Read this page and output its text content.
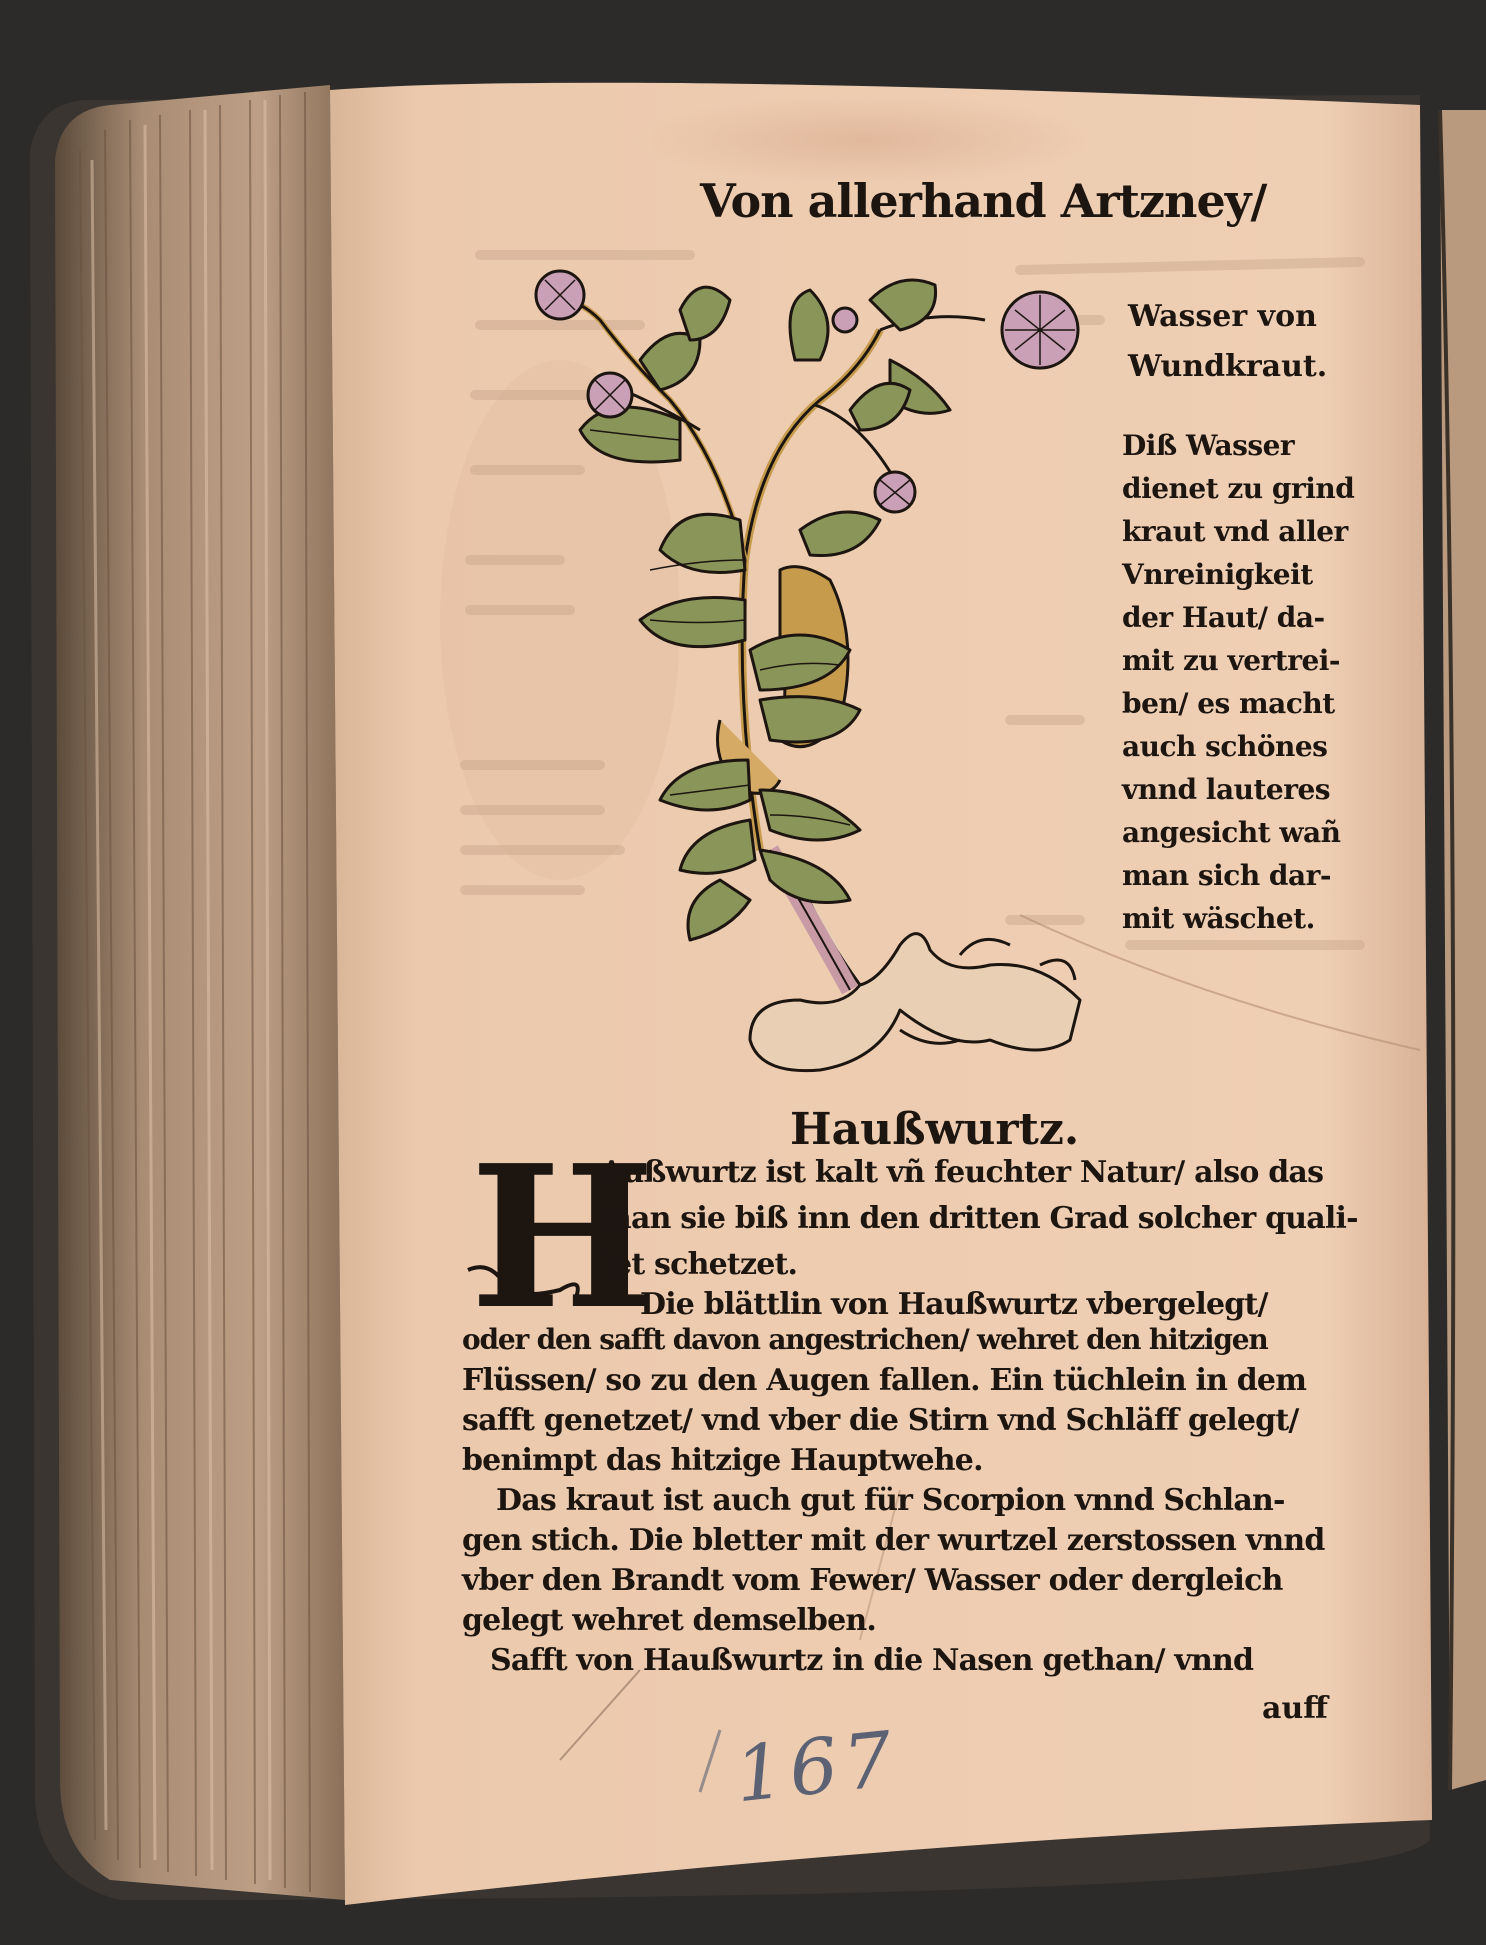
Von allerhand Artzney/
Wasser von
Wundkraut.
Diß Wasser
dienet zu grind
kraut vnd aller
Vnreinigkeit
der Haut/ da-
mit zu vertrei-
ben/ es macht
auch schönes
vnnd lauteres
angesicht wañ
man sich dar-
mit wäschet.
Haußwurtz.
H
Außwurtz ist kalt vñ feuchter Natur/ also das
man sie biß inn den dritten Grad solcher quali-
tet schetzet.
Die blättlin von Haußwurtz vbergelegt/
oder den safft davon angestrichen/ wehret den hitzigen
Flüssen/ so zu den Augen fallen. Ein tüchlein in dem
safft genetzet/ vnd vber die Stirn vnd Schläff gelegt/
benimpt das hitzige Hauptwehe.
Das kraut ist auch gut für Scorpion vnnd Schlan-
gen stich. Die bletter mit der wurtzel zerstossen vnnd
vber den Brandt vom Fewer/ Wasser oder dergleich
gelegt wehret demselben.
Safft von Haußwurtz in die Nasen gethan/ vnnd
auff
167
